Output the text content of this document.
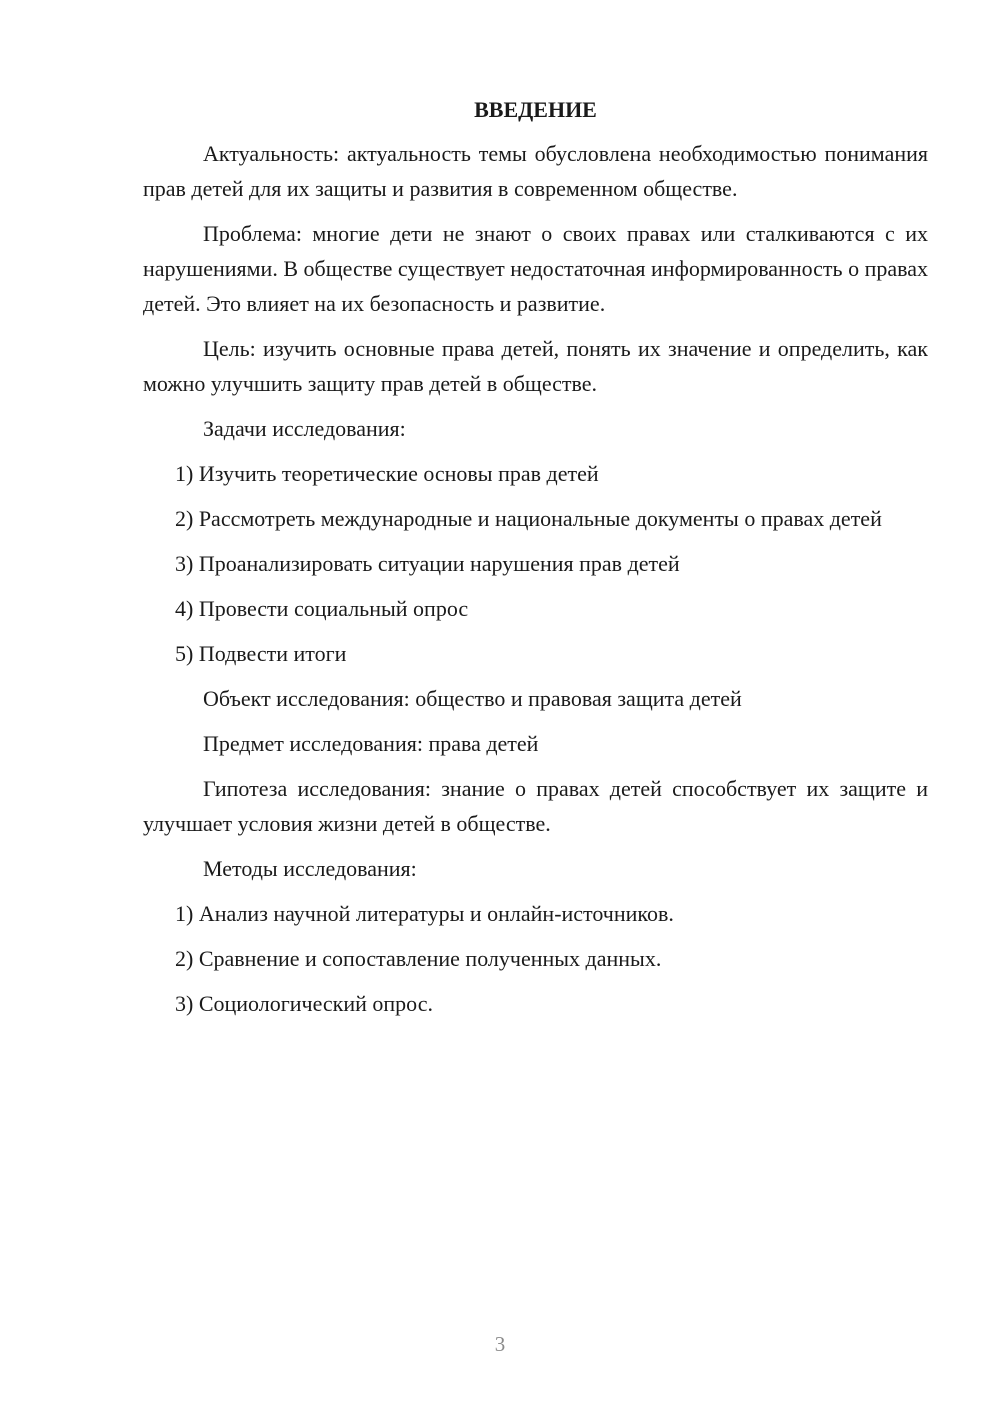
ВВЕДЕНИЕ

Актуальность: актуальность темы обусловлена необходимостью понимания прав детей для их защиты и развития в современном обществе.

Проблема: многие дети не знают о своих правах или сталкиваются с их нарушениями. В обществе существует недостаточная информированность о правах детей. Это влияет на их безопасность и развитие.

Цель: изучить основные права детей, понять их значение и определить, как можно улучшить защиту прав детей в обществе.

Задачи исследования:

1) Изучить теоретические основы прав детей

2) Рассмотреть международные и национальные документы о правах детей

3) Проанализировать ситуации нарушения прав детей

4) Провести социальный опрос

5) Подвести итоги

Объект исследования: общество и правовая защита детей

Предмет исследования: права детей

Гипотеза исследования: знание о правах детей способствует их защите и улучшает условия жизни детей в обществе.

Методы исследования:

1) Анализ научной литературы и онлайн-источников.

2) Сравнение и сопоставление полученных данных.

3) Социологический опрос.

3
